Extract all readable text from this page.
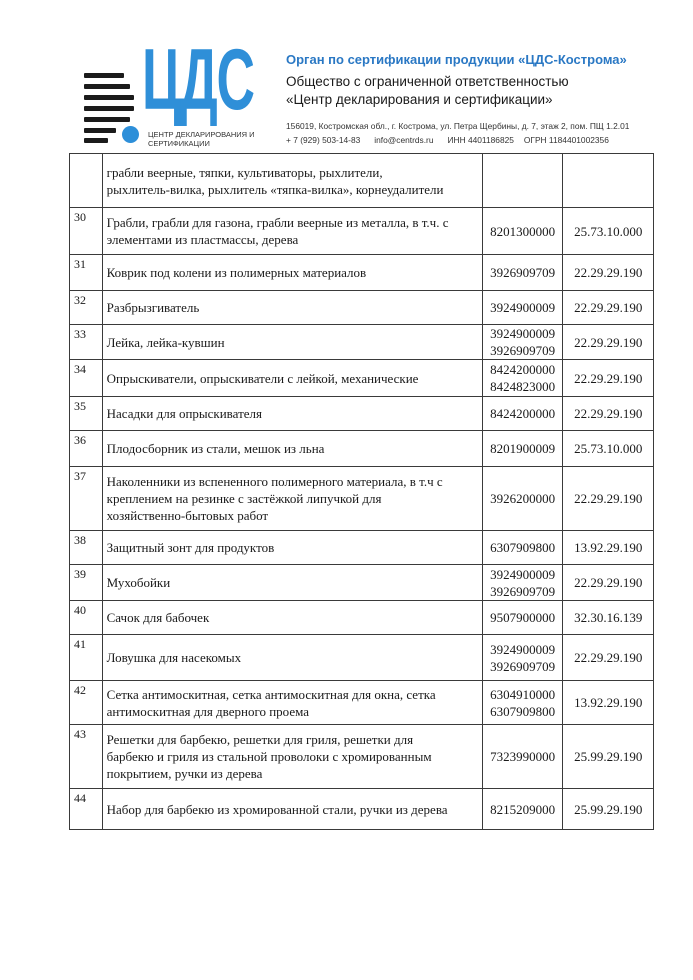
ЦДС
ЦЕНТР ДЕКЛАРИРОВАНИЯ И СЕРТИФИКАЦИИ
Орган по сертификации продукции «ЦДС-Кострома»
Общество с ограниченной ответственностью
«Центр декларирования и сертификации»
156019, Костромская обл., г. Кострома, ул. Петра Щербины, д. 7, этаж 2, пом. ПЩ 1.2.01
+ 7 (929) 503-14-83 info@centrds.ru ИНН 4401186825 ОГРН 1184401002356
	грабли веерные, тяпки, культиваторы, рыхлители,
рыхлитель-вилка, рыхлитель «тяпка-вилка», корнеудалители		
30	Грабли, грабли для газона, грабли веерные из металла, в т.ч. с
элементами из пластмассы, дерева	8201300000	25.73.10.000
31	Коврик под колени из полимерных материалов	3926909709	22.29.29.190
32	Разбрызгиватель	3924900009	22.29.29.190
33	Лейка, лейка-кувшин	3924900009
3926909709	22.29.29.190
34	Опрыскиватели, опрыскиватели с лейкой, механические	8424200000
8424823000	22.29.29.190
35	Насадки для опрыскивателя	8424200000	22.29.29.190
36	Плодосборник из стали, мешок из льна	8201900009	25.73.10.000
37	Наколенники из вспененного полимерного материала, в т.ч с
креплением на резинке с застёжкой липучкой для
хозяйственно-бытовых работ	3926200000	22.29.29.190
38	Защитный зонт для продуктов	6307909800	13.92.29.190
39	Мухобойки	3924900009
3926909709	22.29.29.190
40	Сачок для бабочек	9507900000	32.30.16.139
41	Ловушка для насекомых	3924900009
3926909709	22.29.29.190
42	Сетка антимоскитная, сетка антимоскитная для окна, сетка
антимоскитная для дверного проема	6304910000
6307909800	13.92.29.190
43	Решетки для барбекю, решетки для гриля, решетки для
барбекю и гриля из стальной проволоки с хромированным
покрытием, ручки из дерева	7323990000	25.99.29.190
44	Набор для барбекю из хромированной стали, ручки из дерева	8215209000	25.99.29.190
